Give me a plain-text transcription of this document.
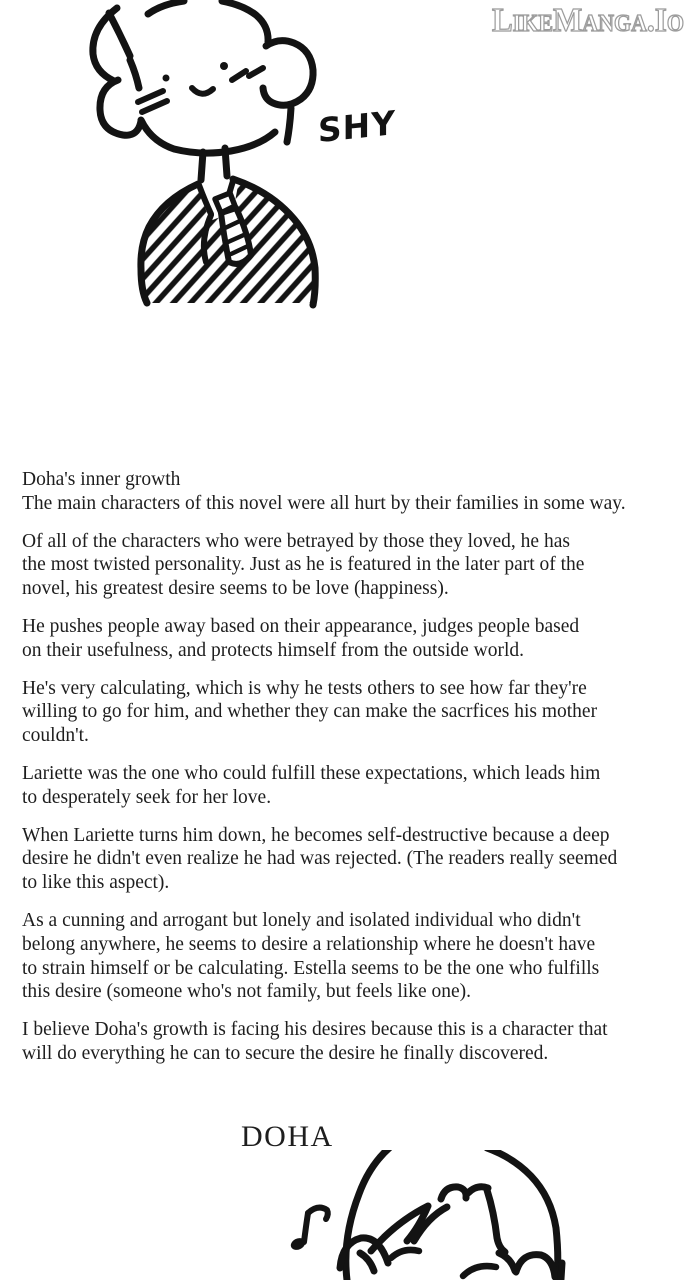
LikeManga.Io
SHY

Doha's inner growth
The main characters of this novel were all hurt by their families in some way.

Of all of the characters who were betrayed by those they loved, he has
the most twisted personality. Just as he is featured in the later part of the
novel, his greatest desire seems to be love (happiness).

He pushes people away based on their appearance, judges people based
on their usefulness, and protects himself from the outside world.

He's very calculating, which is why he tests others to see how far they're
willing to go for him, and whether they can make the sacrfices his mother
couldn't.

Lariette was the one who could fulfill these expectations, which leads him
to desperately seek for her love.

When Lariette turns him down, he becomes self-destructive because a deep
desire he didn't even realize he had was rejected. (The readers really seemed
to like this aspect).

As a cunning and arrogant but lonely and isolated individual who didn't
belong anywhere, he seems to desire a relationship where he doesn't have
to strain himself or be calculating. Estella seems to be the one who fulfills
this desire (someone who's not family, but feels like one).

I believe Doha's growth is facing his desires because this is a character that
will do everything he can to secure the desire he finally discovered.

DOHA
